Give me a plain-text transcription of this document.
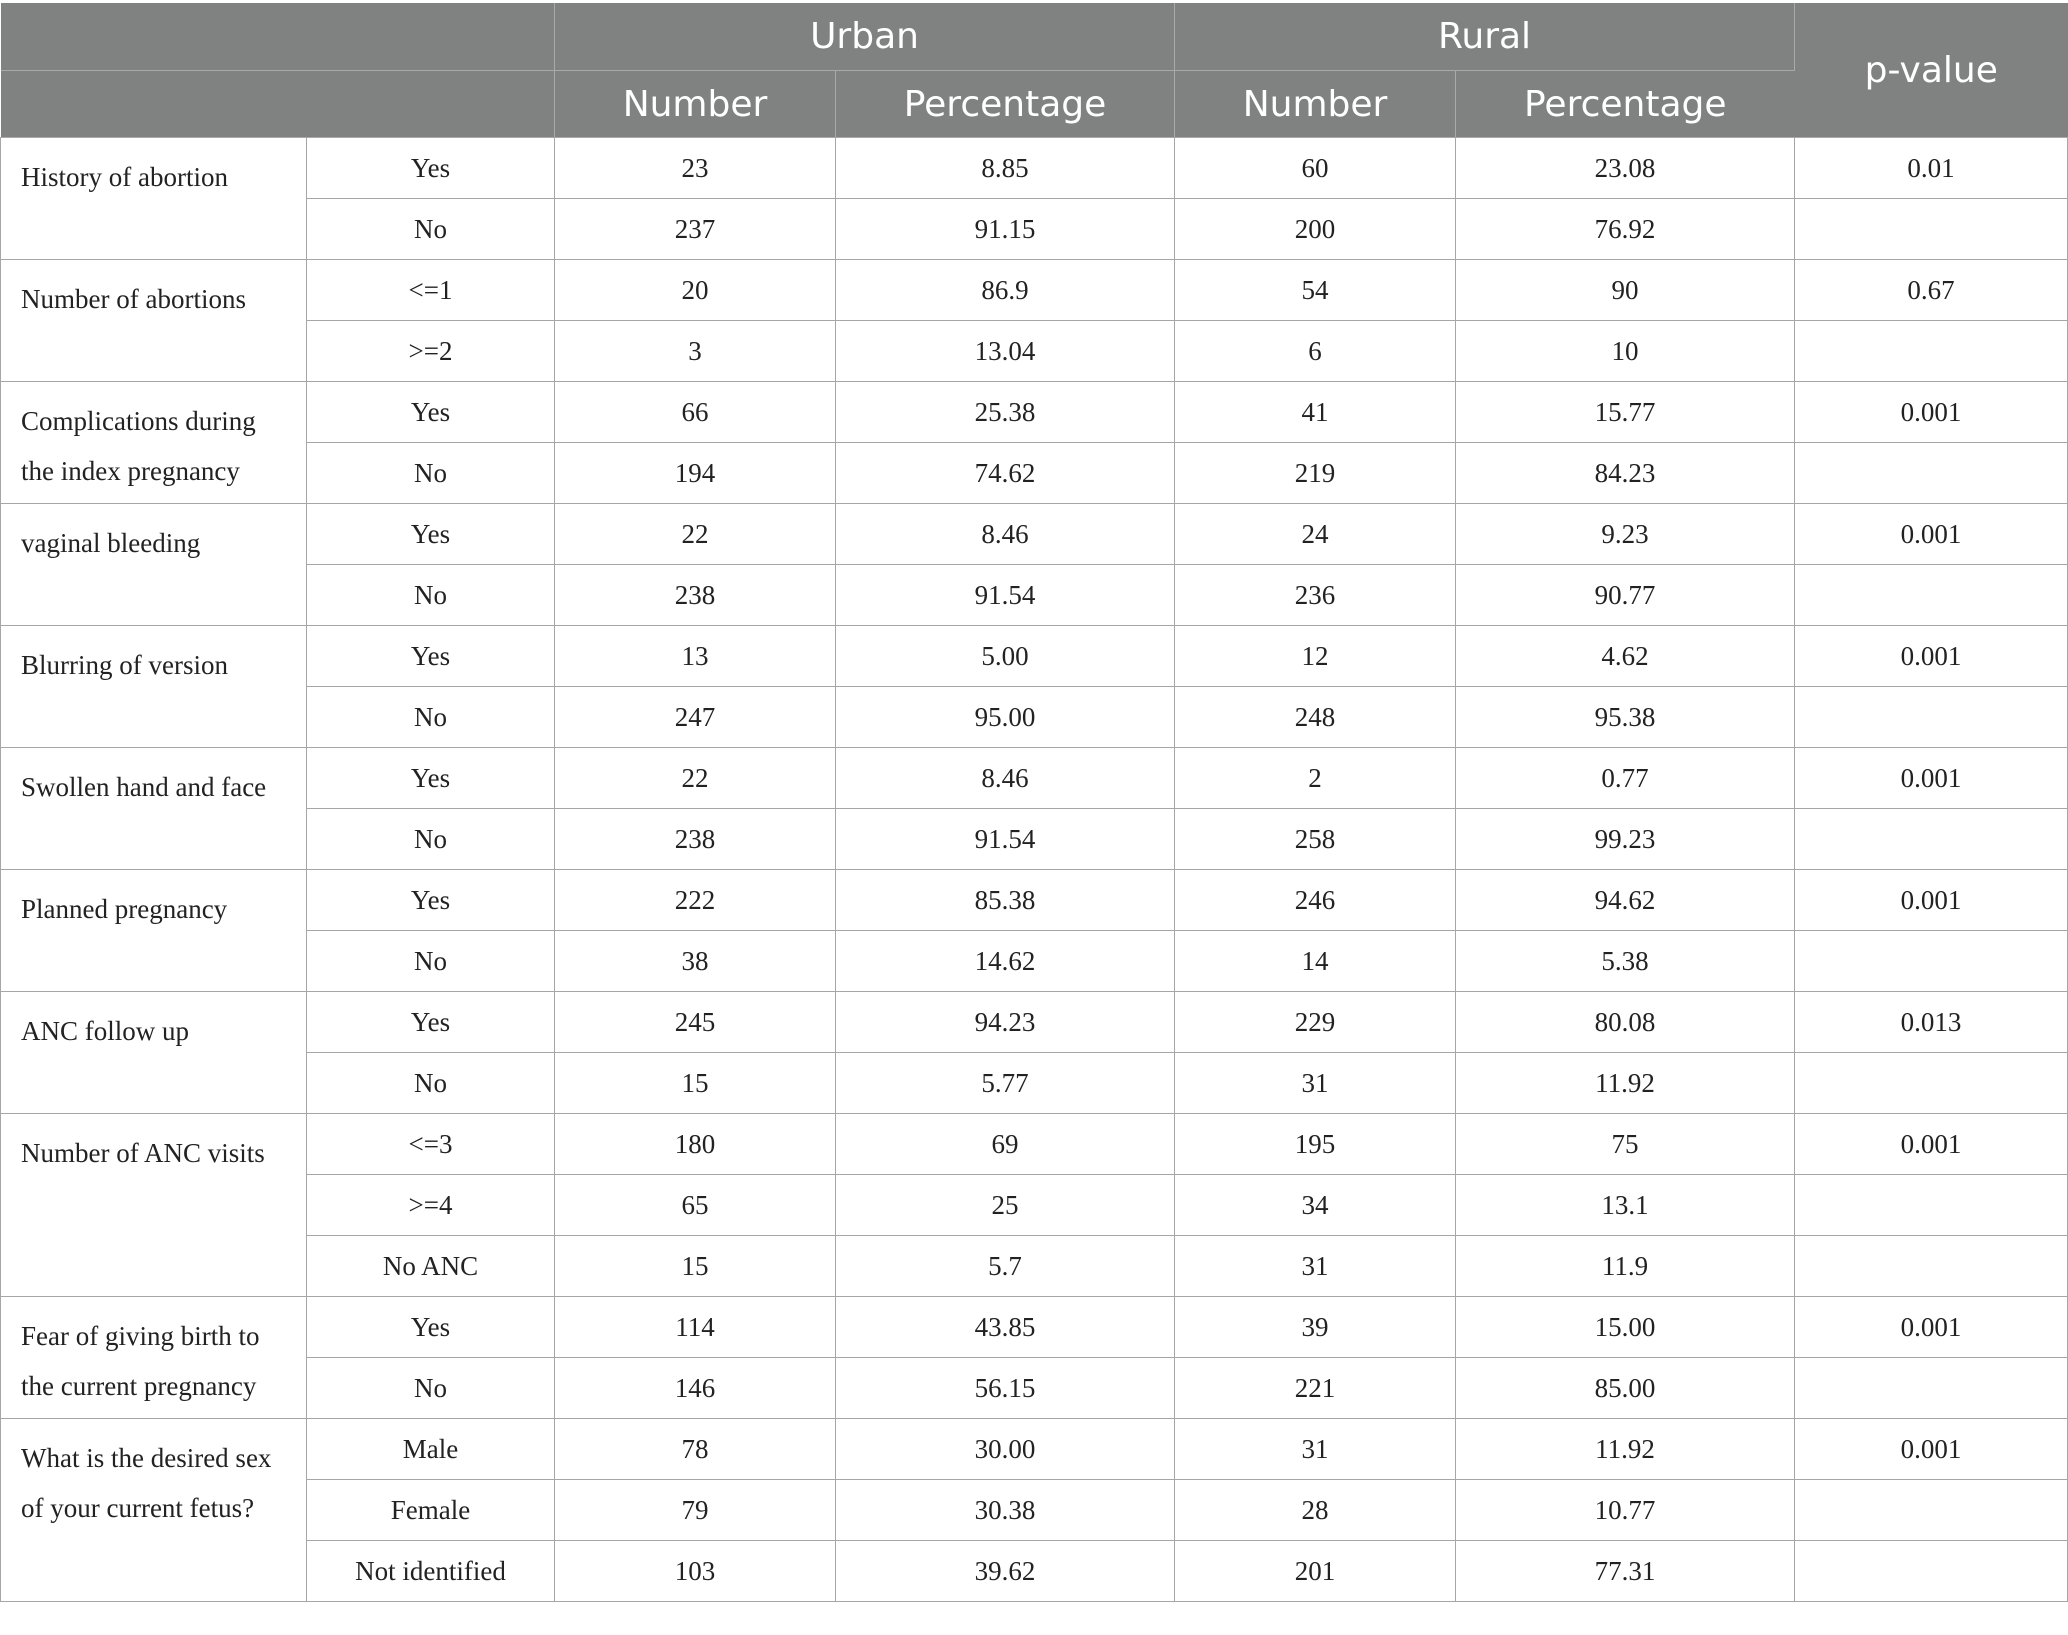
		Urban		Rural		p-value
		Number	Percentage	Number	Percentage	
History of abortion	Yes	23	8.85	60	23.08	0.01
	No	237	91.15	200	76.92	
Number of abortions	<=1	20	86.9	54	90	0.67
	>=2	3	13.04	6	10	
Complications during the index pregnancy	Yes	66	25.38	41	15.77	0.001
	No	194	74.62	219	84.23	
vaginal bleeding	Yes	22	8.46	24	9.23	0.001
	No	238	91.54	236	90.77	
Blurring of version	Yes	13	5.00	12	4.62	0.001
	No	247	95.00	248	95.38	
Swollen hand and face	Yes	22	8.46	2	0.77	0.001
	No	238	91.54	258	99.23	
Planned pregnancy	Yes	222	85.38	246	94.62	0.001
	No	38	14.62	14	5.38	
ANC follow up	Yes	245	94.23	229	80.08	0.013
	No	15	5.77	31	11.92	
Number of ANC visits	<=3	180	69	195	75	0.001
	>=4	65	25	34	13.1	
	No ANC	15	5.7	31	11.9	
Fear of giving birth to the current pregnancy	Yes	114	43.85	39	15.00	0.001
	No	146	56.15	221	85.00	
What is the desired sex of your current fetus?	Male	78	30.00	31	11.92	0.001
	Female	79	30.38	28	10.77	
	Not identified	103	39.62	201	77.31	
